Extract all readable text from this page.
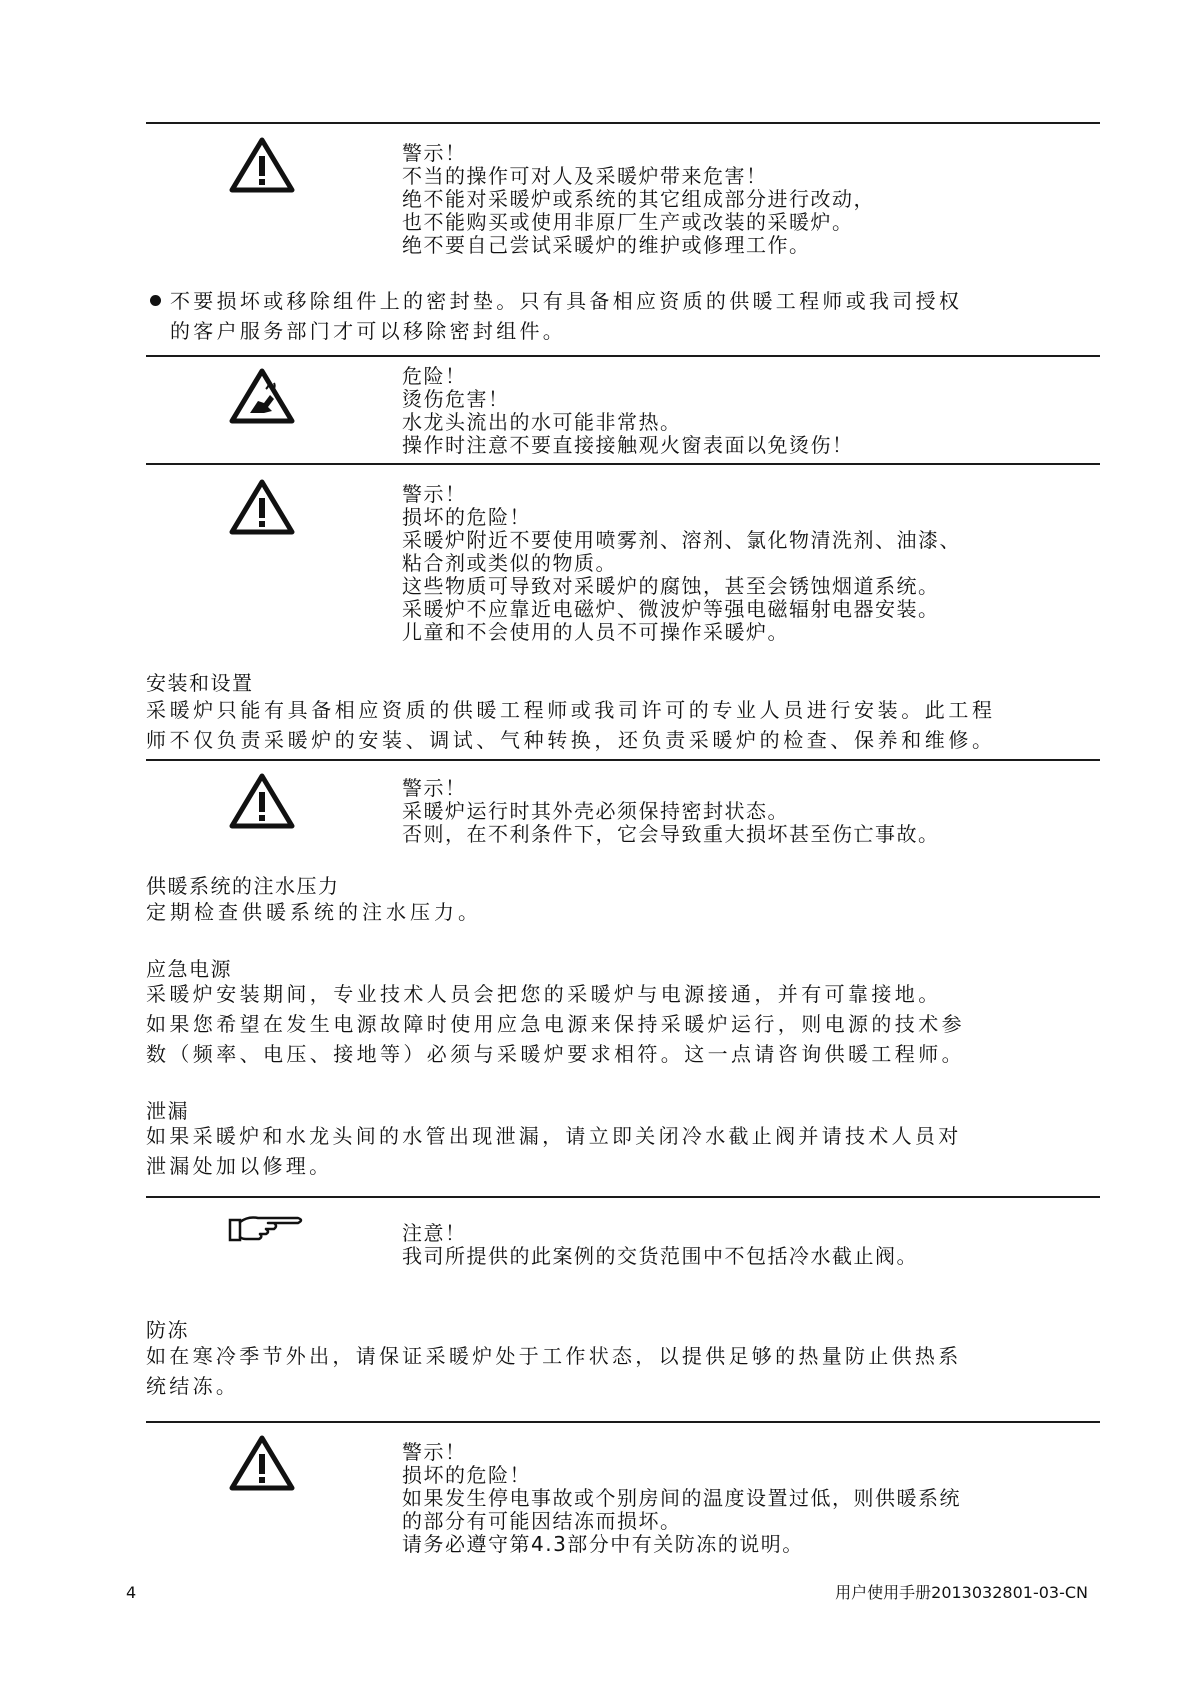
警示！
不当的操作可对人及采暖炉带来危害！
绝不能对采暖炉或系统的其它组成部分进行改动，
也不能购买或使用非原厂生产或改装的采暖炉。
绝不要自己尝试采暖炉的维护或修理工作。
不要损坏或移除组件上的密封垫。只有具备相应资质的供暖工程师或我司授权
的客户服务部门才可以移除密封组件。
危险！
烫伤危害！
水龙头流出的水可能非常热。
操作时注意不要直接接触观火窗表面以免烫伤！
警示！
损坏的危险！
采暖炉附近不要使用喷雾剂、溶剂、氯化物清洗剂、油漆、
粘合剂或类似的物质。
这些物质可导致对采暖炉的腐蚀，甚至会锈蚀烟道系统。
采暖炉不应靠近电磁炉、微波炉等强电磁辐射电器安装。
儿童和不会使用的人员不可操作采暖炉。
安装和设置
采暖炉只能有具备相应资质的供暖工程师或我司许可的专业人员进行安装。此工程
师不仅负责采暖炉的安装、调试、气种转换，还负责采暖炉的检查、保养和维修。
警示！
采暖炉运行时其外壳必须保持密封状态。
否则，在不利条件下，它会导致重大损坏甚至伤亡事故。
供暖系统的注水压力
定期检查供暖系统的注水压力。
应急电源
采暖炉安装期间，专业技术人员会把您的采暖炉与电源接通，并有可靠接地。
如果您希望在发生电源故障时使用应急电源来保持采暖炉运行，则电源的技术参
数（频率、电压、接地等）必须与采暖炉要求相符。这一点请咨询供暖工程师。
泄漏
如果采暖炉和水龙头间的水管出现泄漏，请立即关闭冷水截止阀并请技术人员对
泄漏处加以修理。
注意！
我司所提供的此案例的交货范围中不包括冷水截止阀。
防冻
如在寒冷季节外出，请保证采暖炉处于工作状态，以提供足够的热量防止供热系
统结冻。
警示！
损坏的危险！
如果发生停电事故或个别房间的温度设置过低，则供暖系统
的部分有可能因结冻而损坏。
请务必遵守第4.3部分中有关防冻的说明。
4	用户使用手册2013032801-03-CN
